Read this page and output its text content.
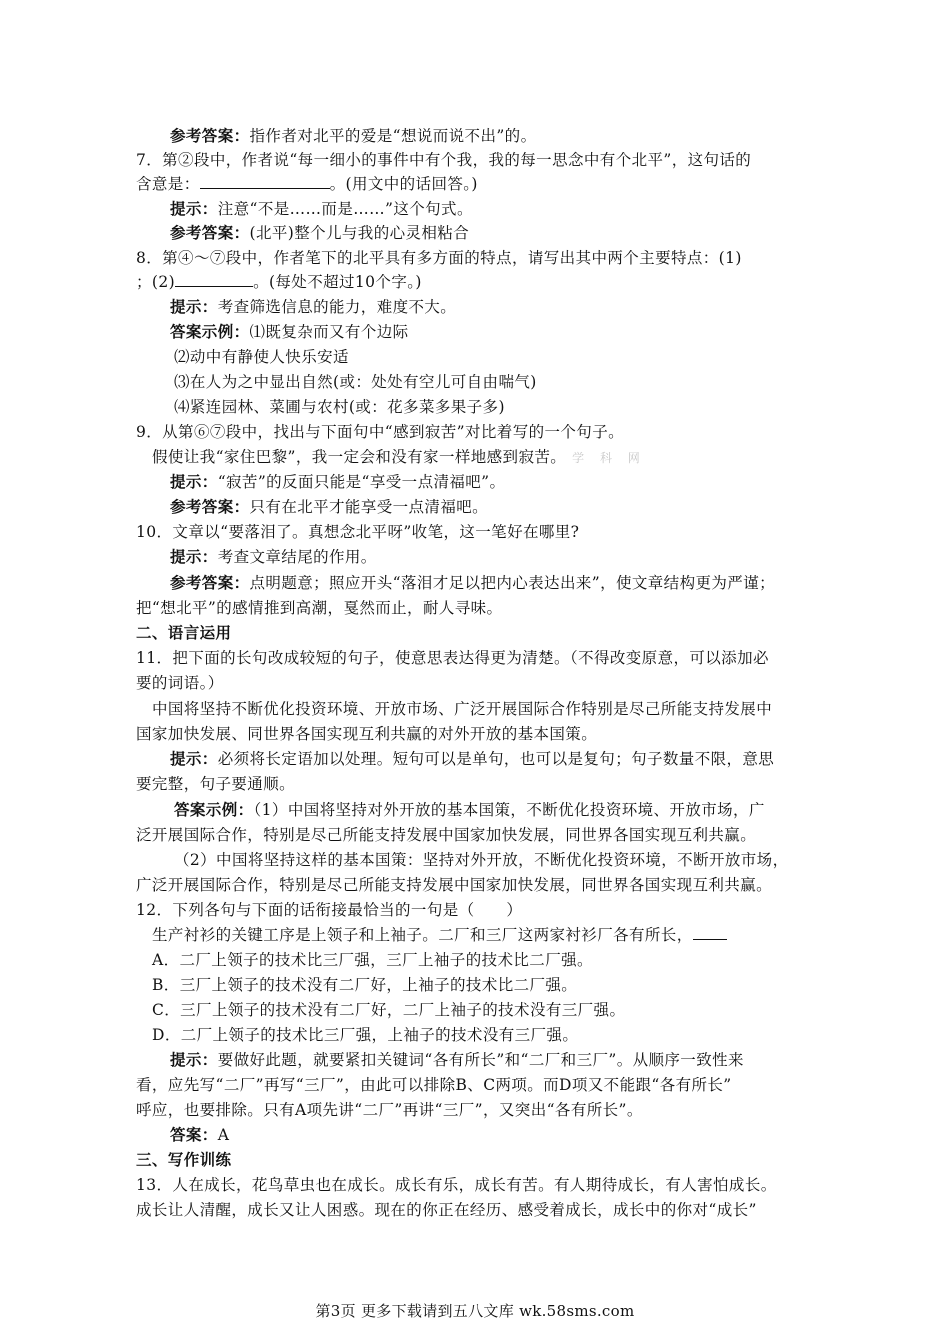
参考答案：指作者对北平的爱是“想说而说不出”的。
7．第②段中，作者说“每一细小的事件中有个我，我的每一思念中有个北平”，这句话的
含意是：	。(用文中的话回答。)
提示：注意“不是……而是……”这个句式。
参考答案：(北平)整个儿与我的心灵相粘合
8．第④～⑦段中，作者笔下的北平具有多方面的特点，请写出其中两个主要特点：(1)
；(2)	。(每处不超过10个字。)
提示：考查筛选信息的能力，难度不大。
答案示例：⑴既复杂而又有个边际
⑵动中有静使人快乐安适
⑶在人为之中显出自然(或：处处有空儿可自由喘气)
⑷紧连园林、菜圃与农村(或：花多菜多果子多)
9．从第⑥⑦段中，找出与下面句中“感到寂苦”对比着写的一个句子。
假使让我“家住巴黎”，我一定会和没有家一样地感到寂苦。 学 科 网
提示：“寂苦”的反面只能是“享受一点清福吧”。
参考答案：只有在北平才能享受一点清福吧。
10．文章以“要落泪了。真想念北平呀”收笔，这一笔好在哪里?
提示：考查文章结尾的作用。
参考答案：点明题意；照应开头“落泪才足以把内心表达出来”，使文章结构更为严谨；
把“想北平”的感情推到高潮，戛然而止，耐人寻味。
二、语言运用
11．把下面的长句改成较短的句子，使意思表达得更为清楚。（不得改变原意，可以添加必
要的词语。）
中国将坚持不断优化投资环境、开放市场、广泛开展国际合作特别是尽己所能支持发展中
国家加快发展、同世界各国实现互利共赢的对外开放的基本国策。
提示：必须将长定语加以处理。短句可以是单句，也可以是复句；句子数量不限，意思
要完整，句子要通顺。
答案示例：（1）中国将坚持对外开放的基本国策，不断优化投资环境、开放市场，广
泛开展国际合作，特别是尽己所能支持发展中国家加快发展，同世界各国实现互利共赢。
（2）中国将坚持这样的基本国策：坚持对外开放，不断优化投资环境，不断开放市场，
广泛开展国际合作，特别是尽己所能支持发展中国家加快发展，同世界各国实现互利共赢。
12．下列各句与下面的话衔接最恰当的一句是（　　）
生产衬衫的关键工序是上领子和上袖子。二厂和三厂这两家衬衫厂各有所长，
A．二厂上领子的技术比三厂强，三厂上袖子的技术比二厂强。
B．三厂上领子的技术没有二厂好，上袖子的技术比二厂强。
C．三厂上领子的技术没有二厂好，二厂上袖子的技术没有三厂强。
D．二厂上领子的技术比三厂强，上袖子的技术没有三厂强。
提示：要做好此题，就要紧扣关键词“各有所长”和“二厂和三厂”。从顺序一致性来
看，应先写“二厂”再写“三厂”，由此可以排除B、C两项。而D项又不能跟“各有所长”
呼应，也要排除。只有A项先讲“二厂”再讲“三厂”，又突出“各有所长”。
答案：A
三、写作训练
13．人在成长，花鸟草虫也在成长。成长有乐，成长有苦。有人期待成长，有人害怕成长。
成长让人清醒，成长又让人困惑。现在的你正在经历、感受着成长，成长中的你对“成长”
第3页 更多下载请到五八文库 wk.58sms.com
